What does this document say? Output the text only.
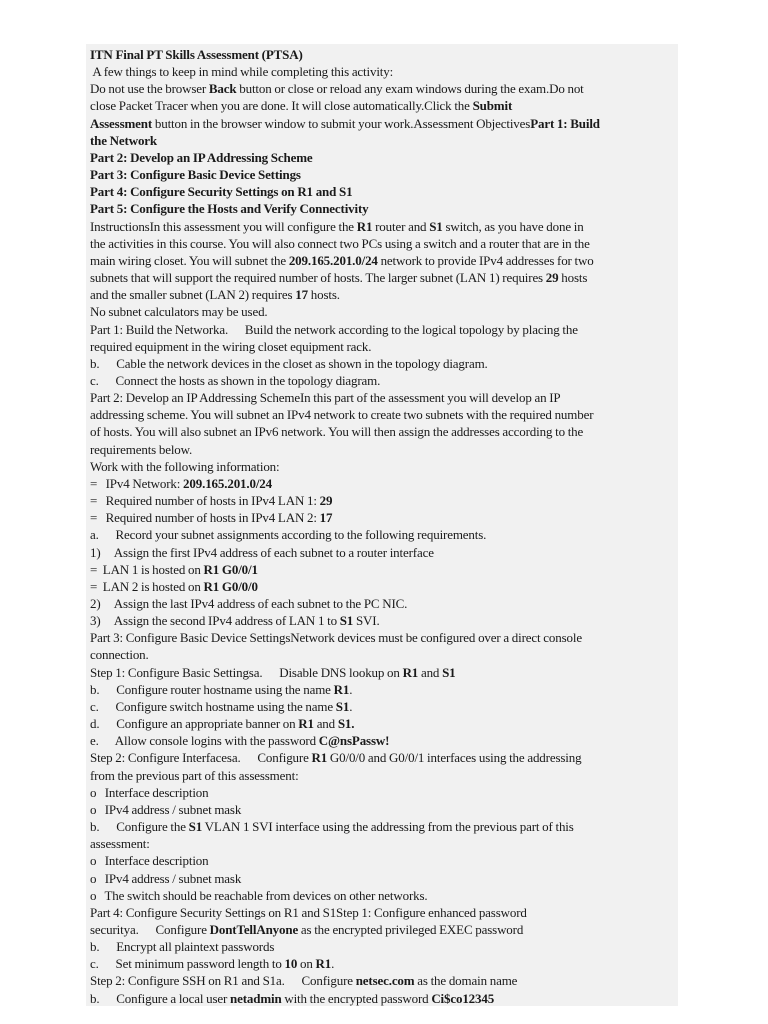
ITN Final PT Skills Assessment (PTSA)
A few things to keep in mind while completing this activity:
Do not use the browser Back button or close or reload any exam windows during the exam.Do not
close Packet Tracer when you are done. It will close automatically.Click the Submit
Assessment button in the browser window to submit your work.Assessment ObjectivesPart 1: Build
the Network
Part 2: Develop an IP Addressing Scheme
Part 3: Configure Basic Device Settings
Part 4: Configure Security Settings on R1 and S1
Part 5: Configure the Hosts and Verify Connectivity
InstructionsIn this assessment you will configure the R1 router and S1 switch, as you have done in
the activities in this course. You will also connect two PCs using a switch and a router that are in the
main wiring closet. You will subnet the 209.165.201.0/24 network to provide IPv4 addresses for two
subnets that will support the required number of hosts. The larger subnet (LAN 1) requires 29 hosts
and the smaller subnet (LAN 2) requires 17 hosts.
No subnet calculators may be used.
Part 1: Build the Networka.      Build the network according to the logical topology by placing the
required equipment in the wiring closet equipment rack.
b.      Cable the network devices in the closet as shown in the topology diagram.
c.      Connect the hosts as shown in the topology diagram.
Part 2: Develop an IP Addressing SchemeIn this part of the assessment you will develop an IP
addressing scheme. You will subnet an IPv4 network to create two subnets with the required number
of hosts. You will also subnet an IPv6 network. You will then assign the addresses according to the
requirements below.
Work with the following information:
=   IPv4 Network: 209.165.201.0/24
=   Required number of hosts in IPv4 LAN 1: 29
=   Required number of hosts in IPv4 LAN 2: 17
a.      Record your subnet assignments according to the following requirements.
1)     Assign the first IPv4 address of each subnet to a router interface
=  LAN 1 is hosted on R1 G0/0/1
=  LAN 2 is hosted on R1 G0/0/0
2)     Assign the last IPv4 address of each subnet to the PC NIC.
3)     Assign the second IPv4 address of LAN 1 to S1 SVI.
Part 3: Configure Basic Device SettingsNetwork devices must be configured over a direct console
connection.
Step 1: Configure Basic Settingsa.      Disable DNS lookup on R1 and S1
b.      Configure router hostname using the name R1.
c.      Configure switch hostname using the name S1.
d.      Configure an appropriate banner on R1 and S1.
e.      Allow console logins with the password C@nsPassw!
Step 2: Configure Interfacesa.      Configure R1 G0/0/0 and G0/0/1 interfaces using the addressing
from the previous part of this assessment:
o   Interface description
o   IPv4 address / subnet mask
b.      Configure the S1 VLAN 1 SVI interface using the addressing from the previous part of this
assessment:
o   Interface description
o   IPv4 address / subnet mask
o   The switch should be reachable from devices on other networks.
Part 4: Configure Security Settings on R1 and S1Step 1: Configure enhanced password
securitya.      Configure DontTellAnyone as the encrypted privileged EXEC password
b.      Encrypt all plaintext passwords
c.      Set minimum password length to 10 on R1.
Step 2: Configure SSH on R1 and S1a.      Configure netsec.com as the domain name
b.      Configure a local user netadmin with the encrypted password Ci$co12345
